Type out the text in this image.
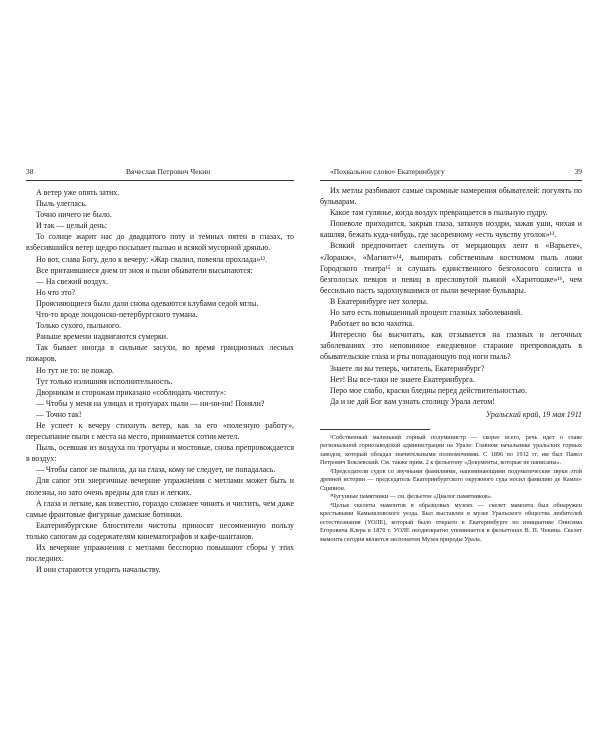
38	Вячеслав Петрович Чекин

А ветер уже опять затих.

Пыль улеглась.

Точно ничего не было.

И так — целый день:

То солнце жарит нас до двадцатого поту и темных пятен в глазах, то взбесившийся ветер щедро посыпает пылью и всякой мусорной дрянью.

Но вот, слава Богу, дело к вечеру: «Жар свалил, повеяла прохлада»¹².

Все притаившиеся днем от зноя и пыли обыватели высыпаются:

— На свежий воздух.

Но что это?

Проясняющиеся было дали снова одеваются клубами седой мглы.

Что-то вроде лондонско-петербургского тумана.

Только сухого, пыльного.

Раньше времени надвигаются сумерки.

Так бывает иногда в сильные засухи, во время грандиозных лесных пожаров.

Но тут не то: не пожар.

Тут только излишняя исполнительность.

Дворникам и сторожам приказано «соблюдать чистоту»:

— Чтобы у меня на улицах и тротуарах пыли — ни-ни-ни! Поняли?

— Точно так!

Не успеет к вечеру стихнуть ветер, как за его «полезную работу», пересыпание пыли с места на место, принимается сотни метел.

Пыль, осевшая из воздуха по тротуары и мостовые, снова препровождается в воздух:

— Чтобы сапог не пылила, да на глаза, кому не следует, не попадалась.

Для сапог эти энергичные вечерние упражнения с метлами может быть и полезны, но зато очень вредны для глаз и легких.

А глаза и легкие, как известно, гораздо сложнее чинить и чистить, чем даже самые франтовые фигурные дамские ботинки.

Екатеринбургские блюстители чистоты приносят несомненную пользу только сапогам да содержателям кинематографов и кафе-шантанов.

Их вечерние упражнения с метлами бесспорно повышают сборы у этих последних.

И они стараются угодить начальству.

«Похвальное слово» Екатеринбургу	39

Их метлы разбивают самые скромные намерения обывателей: погулять по бульварам.

Какое там гулянье, когда воздух превращается в пыльную пудру.

Поневоле приходится, закрыв глаза, заткнув ноздри, зажав уши, чихая и кашляя, бежать куда-нибудь, где засоренному «есть чувству уголок»¹³.

Всякий предпочитает слепнуть от мерцающих лент в «Варьете», «Лоранж», «Магнит»¹⁴, выпирать собственным костюмом пыль ложи Городского театра¹⁵ и слушать единственного безголосого солиста и безголосых певцов и певиц в пресловутой пьяной «Харитошке»¹⁶, чем бессильно пасть задохнувшимся от пыли вечерние бульвары.

В Екатеринбурге нет холеры.

Но зато есть повышенный процент глазных заболеваний.

Работает во всю чахотка.

Интересно бы высчитать, как отзывается на глазных и легочных заболеваниях это неповинное ежедневное старание препровождать в обывательские глаза и рты попадающую под ноги пыль?

Знаете ли вы теперь, читатель, Екатеринбург?

Нет! Вы все-таки не знаете Екатеринбурга.

Перо мое слабо, краски бледны перед действительностью.

Да и не дай Бог вам узнать столицу Урала летом!

Уральский край, 19 мая 1911

¹Собственный маленький горный полуминистр — скорее всего, речь идет о главе региональной горнозаводской администрации на Урале: Главном начальнике уральских горных заводов, который обладал значительными полномочиями. С 1896 по 1912 гг. им был Павел Петрович Боклевский. См. также прим. 2 к фельетону «Документы, которые не написаны».

²Председатели судов со звучными фамилиями, напоминающими подуматические звуки этой древней истории — председатель Екатеринбургского окружного суда носил фамилию де Кампо-Сципион.

³Чугунные памятники — см. фельетон «Диалог памятников».

⁴Целые скелеты мамонтов в образцовых музеях — скелет мамонта был обнаружен крестьянами Камышловского уезда. Был выставлен в музее Уральского общества любителей естествознания (УОЛЕ), который было открыто в Екатеринбурге по инициативе Онисима Егоровича Клера в 1870 г. УОЛЕ неоднократно упоминается в фельетонах В. П. Чекина. Скелет мамонта сегодня является экспонатом Музея природы Урала.
